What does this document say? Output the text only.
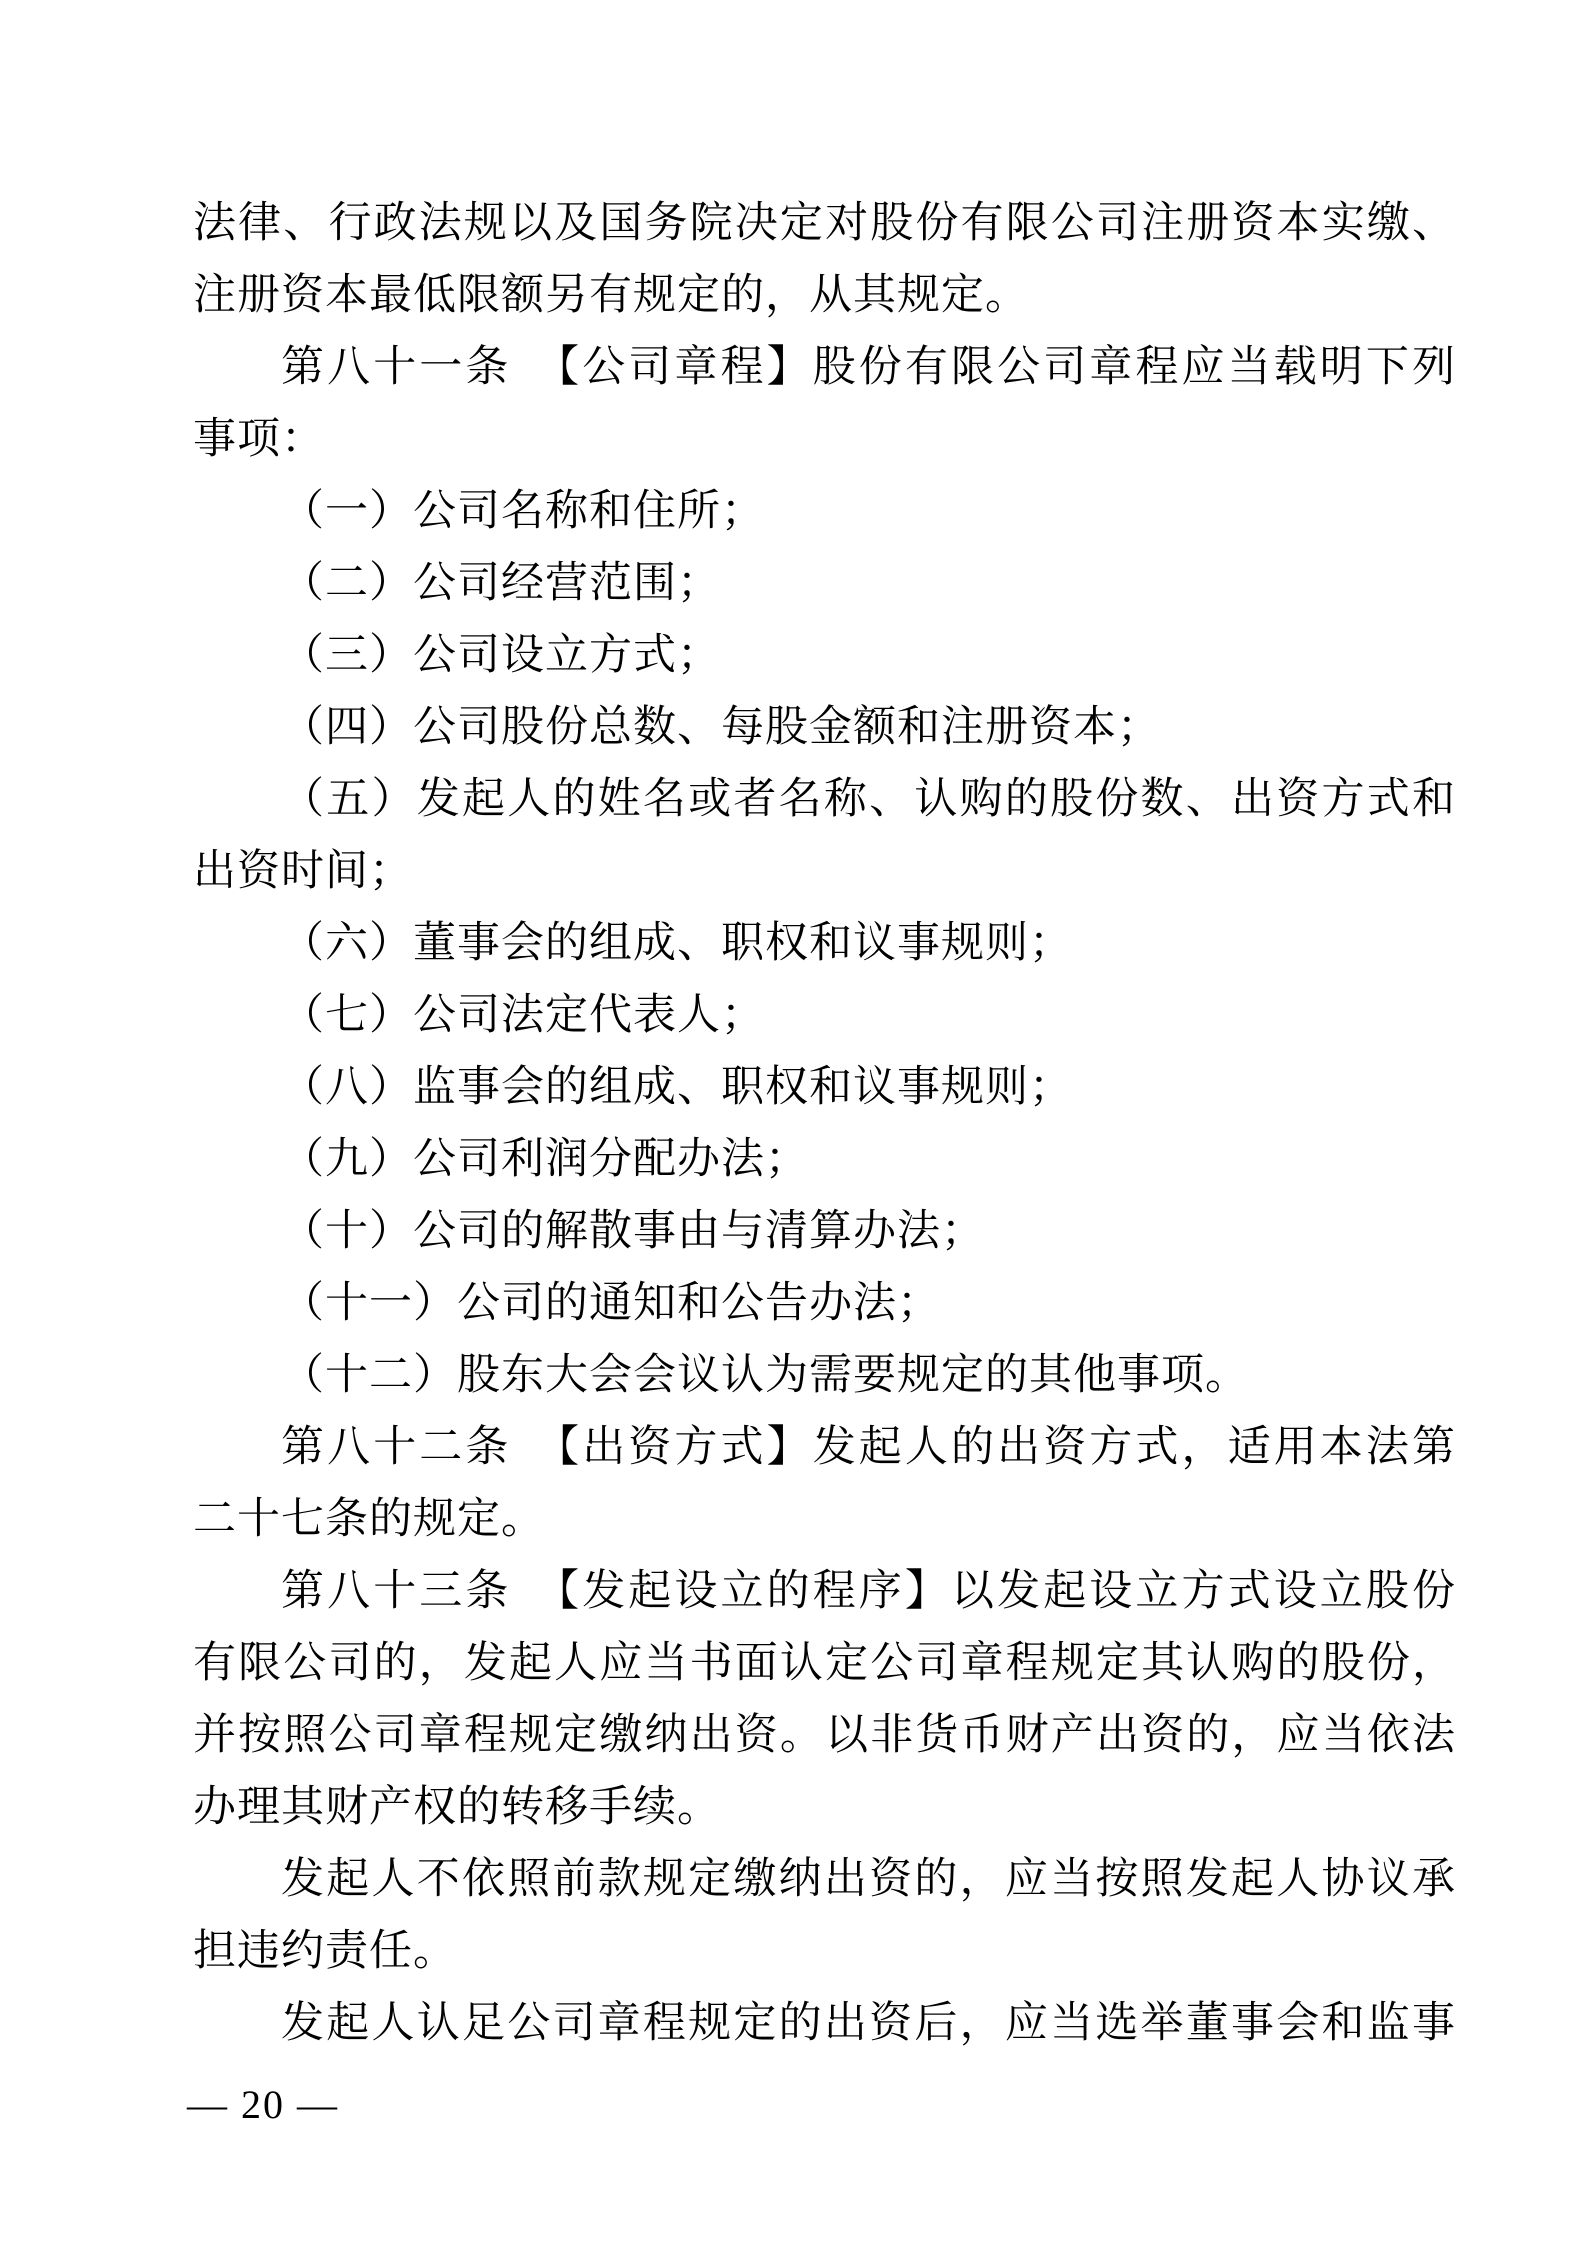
法律、行政法规以及国务院决定对股份有限公司注册资本实缴、
注册资本最低限额另有规定的，从其规定。
第八十一条　【公司章程】股份有限公司章程应当载明下列
事项：
（一）公司名称和住所；
（二）公司经营范围；
（三）公司设立方式；
（四）公司股份总数、每股金额和注册资本；
（五）发起人的姓名或者名称、认购的股份数、出资方式和
出资时间；
（六）董事会的组成、职权和议事规则；
（七）公司法定代表人；
（八）监事会的组成、职权和议事规则；
（九）公司利润分配办法；
（十）公司的解散事由与清算办法；
（十一）公司的通知和公告办法；
（十二）股东大会会议认为需要规定的其他事项。
第八十二条　【出资方式】发起人的出资方式，适用本法第
二十七条的规定。
第八十三条　【发起设立的程序】以发起设立方式设立股份
有限公司的，发起人应当书面认定公司章程规定其认购的股份，
并按照公司章程规定缴纳出资。以非货币财产出资的，应当依法
办理其财产权的转移手续。
发起人不依照前款规定缴纳出资的，应当按照发起人协议承
担违约责任。
发起人认足公司章程规定的出资后，应当选举董事会和监事
— 20 —
